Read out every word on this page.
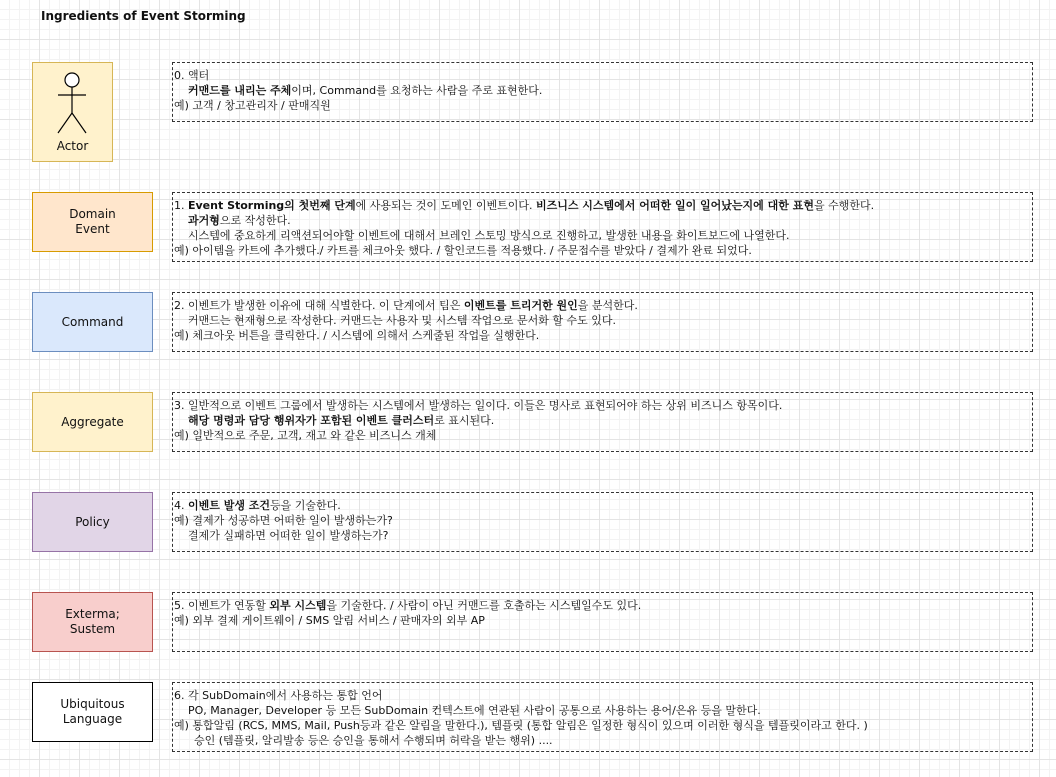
Ingredients of Event Storming
Actor
Domain
Event
Command
Aggregate
Policy
Exterma;
Sustem
Ubiquitous
Language
0. 액터
커맨드를 내리는 주체이며, Command를 요청하는 사람을 주로 표현한다.
예) 고객 / 창고관리자 / 판매직원
1. Event Storming의 첫번째 단계에 사용되는 것이 도메인 이벤트이다. 비즈니스 시스템에서 어떠한 일이 일어났는지에 대한 표현을 수행한다.
과거형으로 작성한다.
시스템에 중요하게 리액션되어야할 이벤트에 대해서 브레인 스토밍 방식으로 진행하고, 발생한 내용을 화이트보드에 나열한다.
예) 아이템을 카트에 추가했다./ 카트를 체크아웃 했다. / 할인코드를 적용했다. / 주문접수를 받았다 / 결제가 완료 되었다.
2. 이벤트가 발생한 이유에 대해 식별한다. 이 단계에서 팀은 이벤트를 트리거한 원인을 분석한다.
커맨드는 현재형으로 작성한다. 커맨드는 사용자 및 시스템 작업으로 문서화 할 수도 있다.
예) 체크아웃 버튼을 클릭한다. / 시스템에 의해서 스케줄된 작업을 실행한다.
3. 일반적으로 이벤트 그룹에서 발생하는 시스템에서 발생하는 일이다. 이들은 명사로 표현되어야 하는 상위 비즈니스 항목이다.
해당 명령과 담당 행위자가 포함된 이벤트 클러스터로 표시된다.
예) 일반적으로 주문, 고객, 재고 와 같은 비즈니스 개체
4. 이벤트 발생 조건등을 기술한다.
예) 결제가 성공하면 어떠한 일이 발생하는가?
결제가 실패하면 어떠한 일이 발생하는가?
5. 이벤트가 연동할 외부 시스템을 기술한다. / 사람이 아닌 커맨드를 호출하는 시스템일수도 있다.
예) 외부 결제 게이트웨이 / SMS 알림 서비스 / 판매자의 외부 AP
6. 각 SubDomain에서 사용하는 통합 언어
PO, Manager, Developer 등 모든 SubDomain 컨텍스트에 연관된 사람이 공통으로 사용하는 용어/은유 등을 말한다.
예) 통합알림 (RCS, MMS, Mail, Push등과 같은 알림을 말한다.), 템플릿 (통합 알림은 일정한 형식이 있으며 이러한 형식을 템플릿이라고 한다. )
승인 (템플릿, 알리발송 등은 승인을 통해서 수행되며 허락을 받는 행위) ....
